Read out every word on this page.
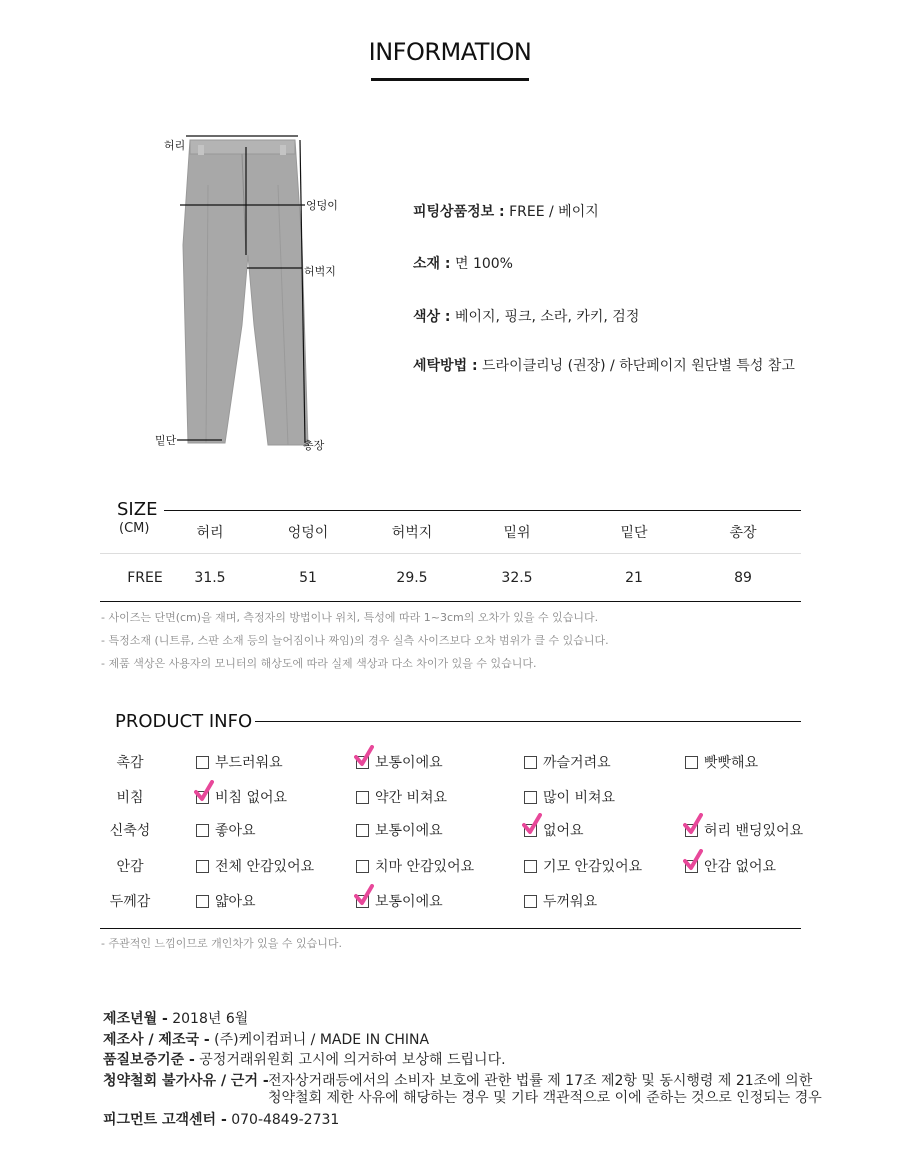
INFORMATION
허리
엉덩이
허벅지
밑단	총장
피팅상품정보 : FREE / 베이지
소재 : 면 100%
색상 : 베이지, 핑크, 소라, 카키, 검정
세탁방법 : 드라이클리닝 (권장) / 하단페이지 원단별 특성 참고
SIZE
(CM)	허리	엉덩이	허벅지	밑위	밑단	총장
FREE	31.5	51	29.5	32.5	21	89
- 사이즈는 단면(cm)을 재며, 측정자의 방법이나 위치, 특성에 따라 1~3cm의 오차가 있을 수 있습니다.
- 특정소재 (니트류, 스판 소재 등의 늘어짐이나 짜임)의 경우 실측 사이즈보다 오차 범위가 클 수 있습니다.
- 제품 색상은 사용자의 모니터의 해상도에 따라 실제 색상과 다소 차이가 있을 수 있습니다.
PRODUCT INFO
촉감	부드러워요	보통이에요	까슬거려요	빳빳해요
비침	비침 없어요	약간 비쳐요	많이 비쳐요
신축성	좋아요	보통이에요	없어요	허리 밴딩있어요
안감	전체 안감있어요	치마 안감있어요	기모 안감있어요	안감 없어요
두께감	얇아요	보통이에요	두꺼워요
- 주관적인 느낌이므로 개인차가 있을 수 있습니다.
제조년월 - 2018년 6월
제조사 / 제조국 - (주)케이컴퍼니 / MADE IN CHINA
품질보증기준 - 공정거래위원회 고시에 의거하여 보상해 드립니다.
청약철회 불가사유 / 근거 - 전자상거래등에서의 소비자 보호에 관한 법률 제 17조 제2항 및 동시행령 제 21조에 의한
청약철회 제한 사유에 해당하는 경우 및 기타 객관적으로 이에 준하는 것으로 인정되는 경우
피그먼트 고객센터 - 070-4849-2731
